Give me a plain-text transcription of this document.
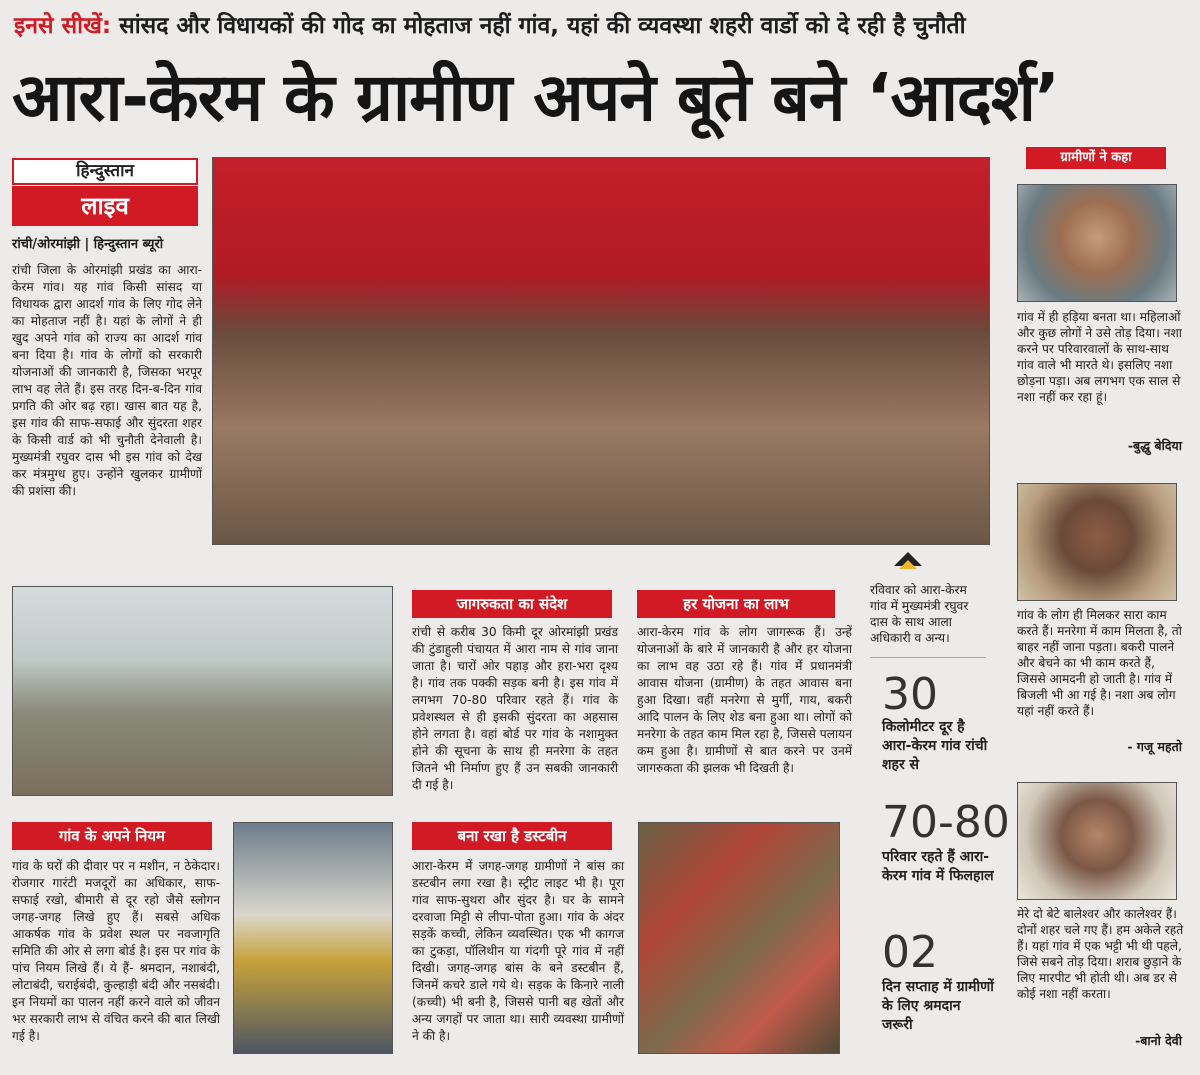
इनसे सीखें: सांसद और विधायकों की गोद का मोहताज नहीं गांव, यहां की व्यवस्था शहरी वार्डो को दे रही है चुनौती
आरा-केरम के ग्रामीण अपने बूते बने ‘आदर्श’
हिन्दुस्तान
लाइव
रांची/ओरमांझी | हिन्दुस्तान ब्यूरो
रांची जिला के ओरमांझी प्रखंड का आरा-केरम गांव। यह गांव किसी सांसद या विधायक द्वारा आदर्श गांव के लिए गोद लेने का मोहताज नहीं है। यहां के लोगों ने ही खुद अपने गांव को राज्य का आदर्श गांव बना दिया है। गांव के लोगों को सरकारी योजनाओं की जानकारी है, जिसका भरपूर लाभ वह लेते हैं। इस तरह दिन-ब-दिन गांव प्रगति की ओर बढ़ रहा। खास बात यह है, इस गांव की साफ-सफाई और सुंदरता शहर के किसी वार्ड को भी चुनौती देनेवाली है। मुख्यमंत्री रघुवर दास भी इस गांव को देख कर मंत्रमुग्ध हुए। उन्होंने खुलकर ग्रामीणों की प्रशंसा की।
रविवार को आरा-केरम गांव में मुख्यमंत्री रघुवर दास के साथ आला अधिकारी व अन्य।
जागरुकता का संदेश
रांची से करीब 30 किमी दूर ओरमांझी प्रखंड की टुंडाहुली पंचायत में आरा नाम से गांव जाना जाता है। चारों ओर पहाड़ और हरा-भरा दृश्य है। गांव तक पक्की सड़क बनी है। इस गांव में लगभग 70-80 परिवार रहते हैं। गांव के प्रवेशस्थल से ही इसकी सुंदरता का अहसास होने लगता है। वहां बोर्ड पर गांव के नशामुक्त होने की सूचना के साथ ही मनरेगा के तहत जितने भी निर्माण हुए हैं उन सबकी जानकारी दी गई है।
हर योजना का लाभ
आरा-केरम गांव के लोग जागरूक हैं। उन्हें योजनाओं के बारे में जानकारी है और हर योजना का लाभ वह उठा रहे हैं। गांव में प्रधानमंत्री आवास योजना (ग्रामीण) के तहत आवास बना हुआ दिखा। वहीं मनरेगा से मुर्गी, गाय, बकरी आदि पालन के लिए शेड बना हुआ था। लोगों को मनरेगा के तहत काम मिल रहा है, जिससे पलायन कम हुआ है। ग्रामीणों से बात करने पर उनमें जागरुकता की झलक भी दिखती है।
30
किलोमीटर दूर है आरा-केरम गांव रांची शहर से
70-80
परिवार रहते हैं आरा-केरम गांव में फिलहाल
02
दिन सप्ताह में ग्रामीणों के लिए श्रमदान जरूरी
गांव के अपने नियम
गांव के घरों की दीवार पर न मशीन, न ठेकेदार। रोजगार गारंटी मजदूरों का अधिकार, साफ-सफाई रखो, बीमारी से दूर रहो जैसे स्लोगन जगह-जगह लिखे हुए हैं। सबसे अधिक आकर्षक गांव के प्रवेश स्थल पर नवजागृति समिति की ओर से लगा बोर्ड है। इस पर गांव के पांच नियम लिखे हैं। ये हैं- श्रमदान, नशाबंदी, लोटाबंदी, चराईबंदी, कुल्हाड़ी बंदी और नसबंदी। इन नियमों का पालन नहीं करने वाले को जीवन भर सरकारी लाभ से वंचित करने की बात लिखी गई है।
बना रखा है डस्टबीन
आरा-केरम में जगह-जगह ग्रामीणों ने बांस का डस्टबीन लगा रखा है। स्ट्रीट लाइट भी है। पूरा गांव साफ-सुथरा और सुंदर है। घर के सामने दरवाजा मिट्टी से लीपा-पोता हुआ। गांव के अंदर सड़कें कच्ची, लेकिन व्यवस्थित। एक भी कागज का टुकड़ा, पॉलिथीन या गंदगी पूरे गांव में नहीं दिखी। जगह-जगह बांस के बने डस्टबीन हैं, जिनमें कचरे डाले गये थे। सड़क के किनारे नाली (कच्ची) भी बनी है, जिससे पानी बह खेतों और अन्य जगहों पर जाता था। सारी व्यवस्था ग्रामीणों ने की है।
ग्रामीणों ने कहा
गांव में ही हड़िया बनता था। महिलाओं और कुछ लोगों ने उसे तोड़ दिया। नशा करने पर परिवारवालों के साथ-साथ गांव वाले भी मारते थे। इसलिए नशा छोड़ना पड़ा। अब लगभग एक साल से नशा नहीं कर रहा हूं।
-बुद्धु बेदिया
गांव के लोग ही मिलकर सारा काम करते हैं। मनरेगा में काम मिलता है, तो बाहर नहीं जाना पड़ता। बकरी पालने और बेचने का भी काम करते हैं, जिससे आमदनी हो जाती है। गांव में बिजली भी आ गई है। नशा अब लोग यहां नहीं करते हैं।
- गजू महतो
मेरे दो बेटे बालेश्वर और कालेश्वर हैं। दोनों शहर चले गए हैं। हम अकेले रहते हैं। यहां गांव में एक भट्टी भी थी पहले, जिसे सबने तोड़ दिया। शराब छुड़ाने के लिए मारपीट भी होती थी। अब डर से कोई नशा नहीं करता।
-बानो देवी
